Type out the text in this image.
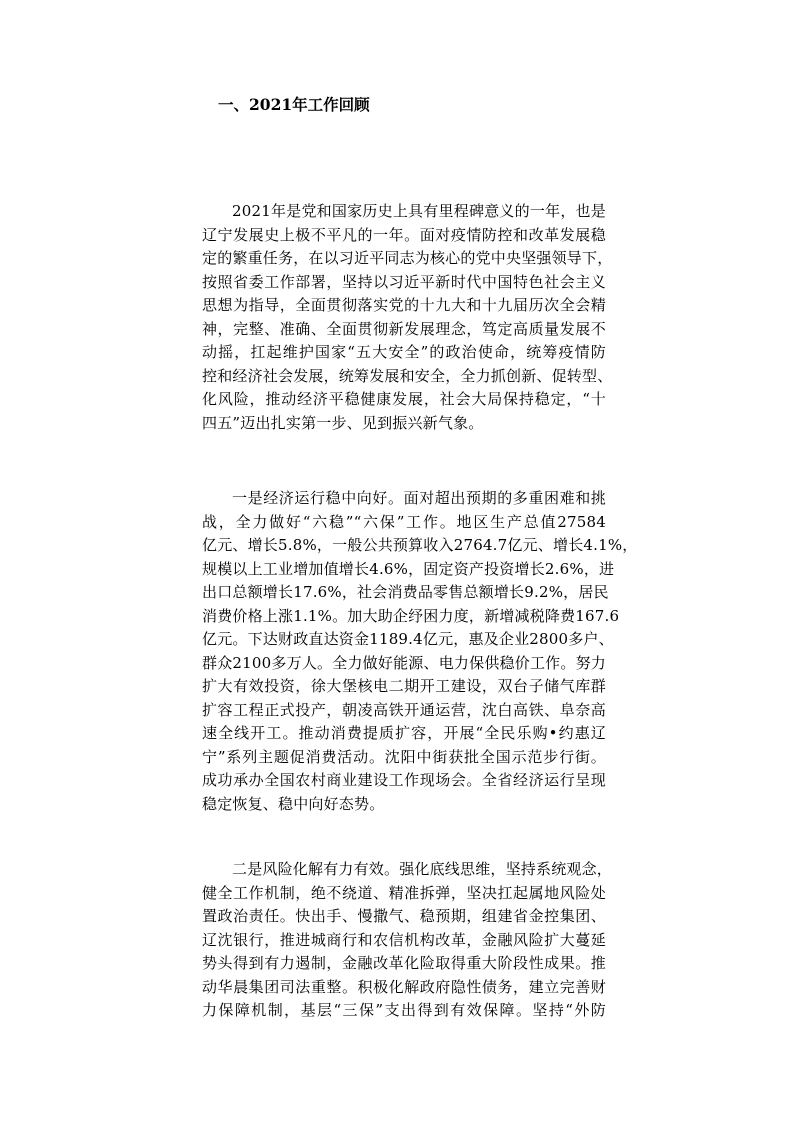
一、2021年工作回顾
2021年是党和国家历史上具有里程碑意义的一年，也是
辽宁发展史上极不平凡的一年。面对疫情防控和改革发展稳
定的繁重任务，在以习近平同志为核心的党中央坚强领导下，
按照省委工作部署，坚持以习近平新时代中国特色社会主义
思想为指导，全面贯彻落实党的十九大和十九届历次全会精
神，完整、准确、全面贯彻新发展理念，笃定高质量发展不
动摇，扛起维护国家“五大安全”的政治使命，统筹疫情防
控和经济社会发展，统筹发展和安全，全力抓创新、促转型、
化风险，推动经济平稳健康发展，社会大局保持稳定，“十
四五”迈出扎实第一步、见到振兴新气象。
一是经济运行稳中向好。面对超出预期的多重困难和挑
战，全力做好“六稳”“六保”工作。地区生产总值27584
亿元、增长5.8%，一般公共预算收入2764.7亿元、增长4.1%，
规模以上工业增加值增长4.6%，固定资产投资增长2.6%，进
出口总额增长17.6%，社会消费品零售总额增长9.2%，居民
消费价格上涨1.1%。加大助企纾困力度，新增减税降费167.6
亿元。下达财政直达资金1189.4亿元，惠及企业2800多户、
群众2100多万人。全力做好能源、电力保供稳价工作。努力
扩大有效投资，徐大堡核电二期开工建设，双台子储气库群
扩容工程正式投产，朝凌高铁开通运营，沈白高铁、阜奈高
速全线开工。推动消费提质扩容，开展“全民乐购•约惠辽
宁”系列主题促消费活动。沈阳中街获批全国示范步行街。
成功承办全国农村商业建设工作现场会。全省经济运行呈现
稳定恢复、稳中向好态势。
二是风险化解有力有效。强化底线思维，坚持系统观念，
健全工作机制，绝不绕道、精准拆弹，坚决扛起属地风险处
置政治责任。快出手、慢撒气、稳预期，组建省金控集团、
辽沈银行，推进城商行和农信机构改革，金融风险扩大蔓延
势头得到有力遏制，金融改革化险取得重大阶段性成果。推
动华晨集团司法重整。积极化解政府隐性债务，建立完善财
力保障机制，基层“三保”支出得到有效保障。坚持“外防
